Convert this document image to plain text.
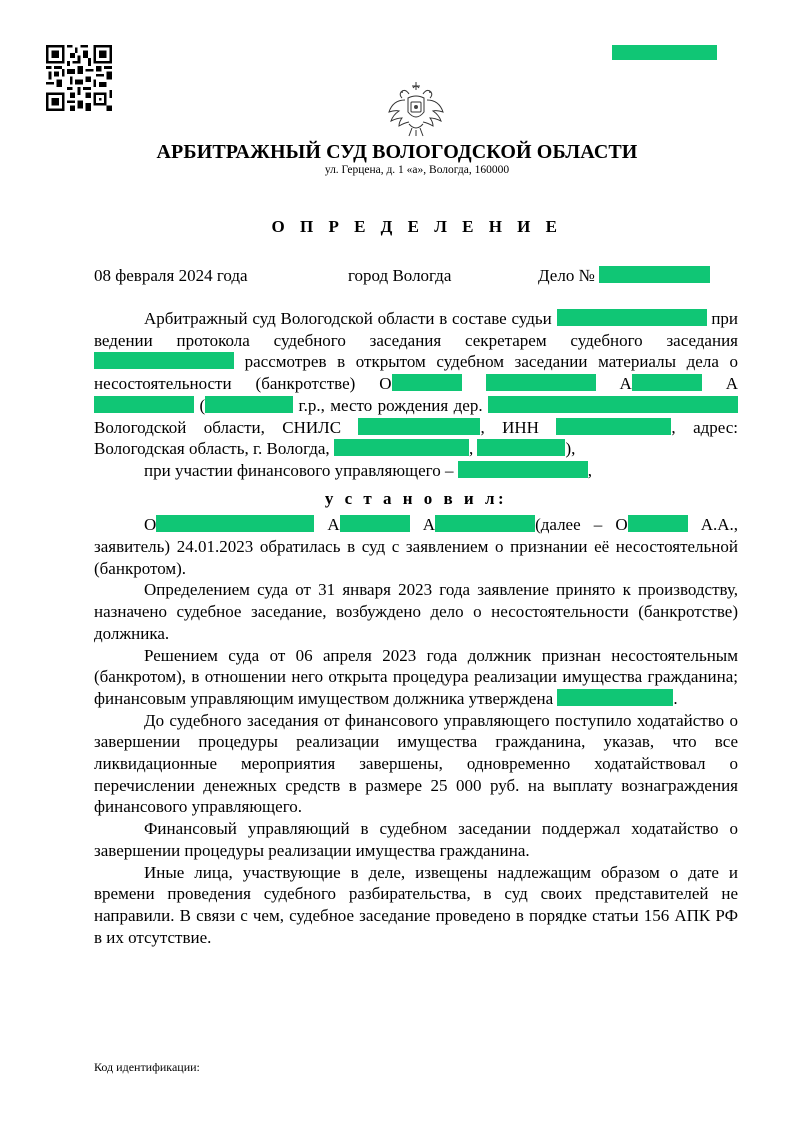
АРБИТРАЖНЫЙ СУД ВОЛОГОДСКОЙ ОБЛАСТИ
ул. Герцена, д. 1 «а», Вологда, 160000
О П Р Е Д Е Л Е Н И Е
08 февраля 2024 года	город Вологда	Дело №

Арбитражный суд Вологодской области в составе судьи	при ведении протокола судебного заседания секретарем судебного заседания  рассмотрев в открытом судебном заседании материалы дела о несостоятельности (банкротстве) О	А	А (	г.р., место рождения дер.  Вологодской области, СНИЛС	, ИНН	, адрес: Вологодская область, г. Вологда,	,	),

при участии финансового управляющего –	,

у с т а н о в и л:

О	А	А	(далее – О	А.А., заявитель) 24.01.2023 обратилась в суд с заявлением о признании её несостоятельной (банкротом).

Определением суда от 31 января 2023 года заявление принято к производству, назначено судебное заседание, возбуждено дело о несостоятельности (банкротстве) должника.

Решением суда от 06 апреля 2023 года должник признан несостоятельным (банкротом), в отношении него открыта процедура реализации имущества гражданина; финансовым управляющим имуществом должника утверждена	.

До судебного заседания от финансового управляющего поступило ходатайство о завершении процедуры реализации имущества гражданина, указав, что все ликвидационные мероприятия завершены, одновременно ходатайствовал о перечислении денежных средств в размере 25 000 руб. на выплату вознаграждения финансового управляющего.

Финансовый управляющий в судебном заседании поддержал ходатайство о завершении процедуры реализации имущества гражданина.

Иные лица, участвующие в деле, извещены надлежащим образом о дате и времени проведения судебного разбирательства, в суд своих представителей не направили. В связи с чем, судебное заседание проведено в порядке статьи 156 АПК РФ в их отсутствие.

Код идентификации:
